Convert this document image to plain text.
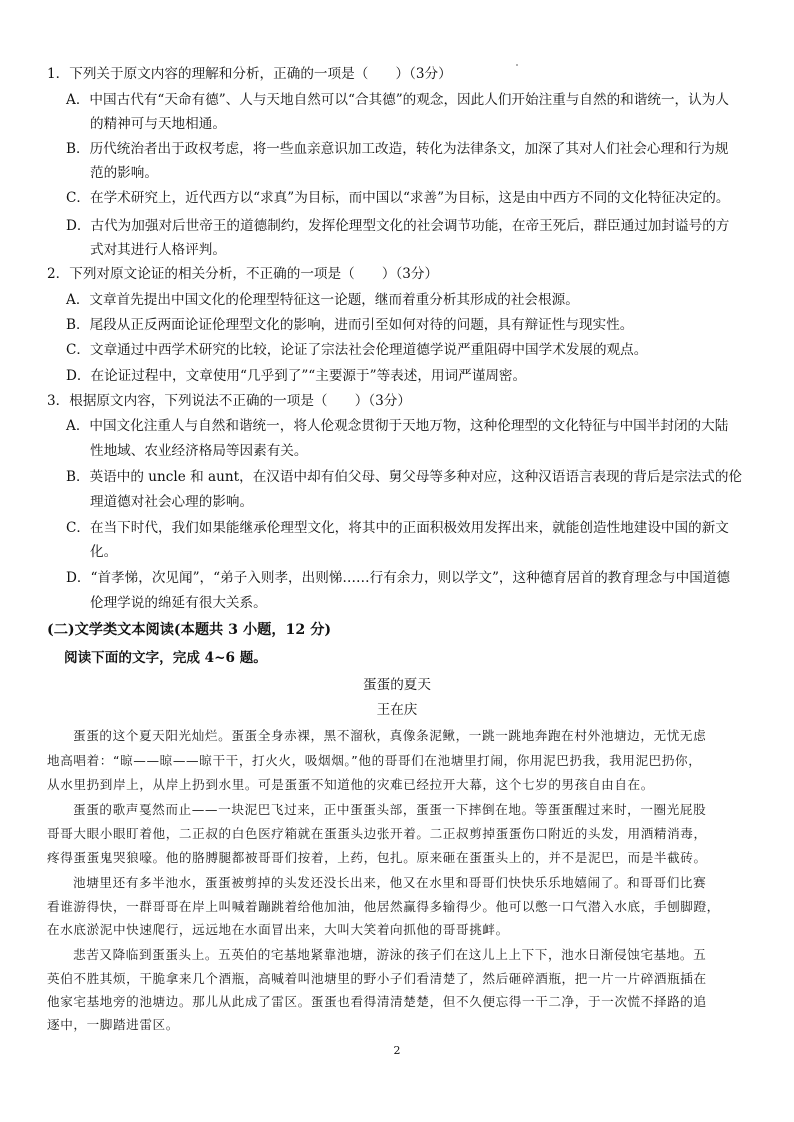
1．下列关于原文内容的理解和分析，正确的一项是（　　）（3分）
A．中国古代有“天命有德”、人与天地自然可以“合其德”的观念，因此人们开始注重与自然的和谐统一，认为人
的精神可与天地相通。
B．历代统治者出于政权考虑，将一些血亲意识加工改造，转化为法律条文，加深了其对人们社会心理和行为规
范的影响。
C．在学术研究上，近代西方以“求真”为目标，而中国以“求善”为目标，这是由中西方不同的文化特征决定的。
D．古代为加强对后世帝王的道德制约，发挥伦理型文化的社会调节功能，在帝王死后，群臣通过加封谥号的方
式对其进行人格评判。
2．下列对原文论证的相关分析，不正确的一项是（　　）（3分）
A．文章首先提出中国文化的伦理型特征这一论题，继而着重分析其形成的社会根源。
B．尾段从正反两面论证伦理型文化的影响，进而引至如何对待的问题，具有辩证性与现实性。
C．文章通过中西学术研究的比较，论证了宗法社会伦理道德学说严重阻碍中国学术发展的观点。
D．在论证过程中，文章使用“几乎到了”“主要源于”等表述，用词严谨周密。
3．根据原文内容，下列说法不正确的一项是（　　）（3分）
A．中国文化注重人与自然和谐统一，将人伦观念贯彻于天地万物，这种伦理型的文化特征与中国半封闭的大陆
性地域、农业经济格局等因素有关。
B．英语中的 uncle 和 aunt，在汉语中却有伯父母、舅父母等多种对应，这种汉语语言表现的背后是宗法式的伦
理道德对社会心理的影响。
C．在当下时代，我们如果能继承伦理型文化，将其中的正面积极效用发挥出来，就能创造性地建设中国的新文
化。
D．“首孝悌，次见闻”，“弟子入则孝，出则悌……行有余力，则以学文”，这种德育居首的教育理念与中国道德
伦理学说的绵延有很大关系。
(二)文学类文本阅读(本题共 3 小题，12 分)
阅读下面的文字，完成 4~6 题。
蛋蛋的夏天
王在庆
蛋蛋的这个夏天阳光灿烂。蛋蛋全身赤裸，黑不溜秋，真像条泥鳅，一跳一跳地奔跑在村外池塘边，无忧无虑
地高唱着：“晾——晾——晾干干，打火火，吸烟烟。”他的哥哥们在池塘里打闹，你用泥巴扔我，我用泥巴扔你，
从水里扔到岸上，从岸上扔到水里。可是蛋蛋不知道他的灾难已经拉开大幕，这个七岁的男孩自由自在。
蛋蛋的歌声戛然而止——一块泥巴飞过来，正中蛋蛋头部，蛋蛋一下摔倒在地。等蛋蛋醒过来时，一圈光屁股
哥哥大眼小眼盯着他，二正叔的白色医疗箱就在蛋蛋头边张开着。二正叔剪掉蛋蛋伤口附近的头发，用酒精消毒，
疼得蛋蛋鬼哭狼嚎。他的胳膊腿都被哥哥们按着，上药，包扎。原来砸在蛋蛋头上的，并不是泥巴，而是半截砖。
池塘里还有多半池水，蛋蛋被剪掉的头发还没长出来，他又在水里和哥哥们快快乐乐地嬉闹了。和哥哥们比赛
看谁游得快，一群哥哥在岸上叫喊着蹦跳着给他加油，他居然赢得多输得少。他可以憋一口气潜入水底，手刨脚蹬，
在水底淤泥中快速爬行，远远地在水面冒出来，大叫大笑着向抓他的哥哥挑衅。
悲苦又降临到蛋蛋头上。五英伯的宅基地紧靠池塘，游泳的孩子们在这儿上上下下，池水日渐侵蚀宅基地。五
英伯不胜其烦，干脆拿来几个酒瓶，高喊着叫池塘里的野小子们看清楚了，然后砸碎酒瓶，把一片一片碎酒瓶插在
他家宅基地旁的池塘边。那儿从此成了雷区。蛋蛋也看得清清楚楚，但不久便忘得一干二净，于一次慌不择路的追
逐中，一脚踏进雷区。
2
